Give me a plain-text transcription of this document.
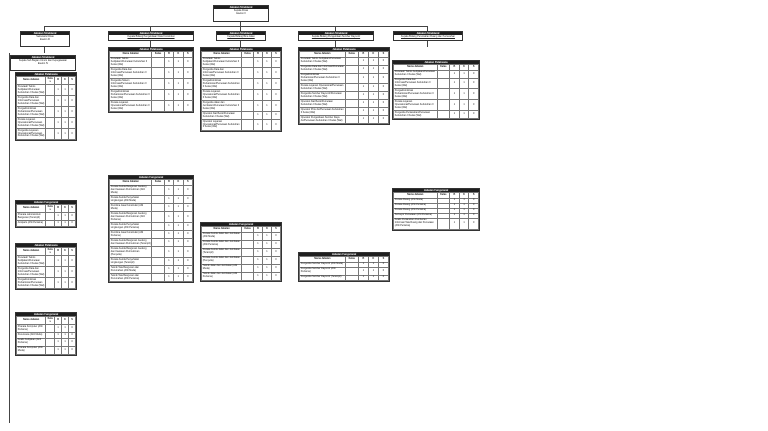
Jabatan Struktural
Kepala Dinas
Eselon II
Jabatan Struktural
Sekretaris Dinas
Eselon III
Jabatan Struktural
Kepala Sub Bagian Umum dan Kepegawaian
Eselon IV
Jabatan Struktural
Kepala Bidang Pengelolaan Data Konstruksi
Jabatan Struktural
Kepala Bidang Bina Jalan
Jabatan Struktural
Kepala Bidang Pengelolaan Sumber Daya Air
Jabatan Struktural
Kepala Bidang Perumahan Ruang dan Pertanahan
Jabatan Pelaksana
Nama Jabatan	Kelas	B	K	S
Penelaah Teknis Kebijakan/Pemetaan Kebutuhan II Kelas (Wal)		1	1	0
Pengelola Data dan Informasi/Pemetaan Kebutuhan II Kelas (Wal)		1	1	0
Pengadministrasi Perkantoran/Pemetaan Kebutuhan II Kelas (Wal)		1	1	0
Penata Layanan Operasional/Pemetaan Kebutuhan II Kelas (Wal)		1	1	0
Pengelola Layanan Operasional/Pemetaan Kebutuhan II Kelas (Wal)		1	1	0
Jabatan Fungsional
Nama Jabatan	Kelas	B	K	S
Pranata Laboratorium Bangunan (Terampil)		1	1	0
Arsiparis (Ahli Pertama)		1	1	0
Jabatan Pelaksana
Nama Jabatan	Kelas	B	K	S
Penelaah Teknis Kebijakan/Pemetaan Kebutuhan II Kelas (Wal)		1	1	0
Pengelola Data dan Informasi/Pemetaan Kebutuhan II Kelas (Wal)		1	1	0
Pengadministrasi Perkantoran/Pemetaan Kebutuhan II Kelas (Wal)		1	1	0
Jabatan Fungsional
Nama Jabatan	Kelas	B	K	S
Pranata Komputer (Ahli Pertama)		1	1	0
Perencana (Ahli Muda)		1	1	0
Analis Kebijakan (Ahli Pertama)		1	1	0
Pranata Komputer (Ahli Muda)		1	1	0
Jabatan Pelaksana
Nama Jabatan	Kelas	B	K	S
Penelaah Teknis Kebijakan/Pemetaan Kebutuhan II Kelas (Wal)		1	1	0
Pengelola Data dan Informasi/Pemetaan Kebutuhan II Kelas (Wal)		1	1	0
Pengelola Sistem Informasi/Pemetaan Kebutuhan II Kelas (Wal)		1	1	0
Pengadministrasi Perkantoran/Pemetaan Kebutuhan II Kelas (Wal)		1	1	0
Penata Layanan Operasional/Pemetaan Kebutuhan II Kelas (Wal)		1	1	0
Jabatan Fungsional
Nama Jabatan	Kelas	B	K	S
Penata Kelola Bangunan Gedung dan Kawasan Permukiman (Ahli Muda)		1	1	0
Penata Kelola Penyehatan Lingkungan (Ahli Muda)		1	1	0
Pembina Jasa Konstruksi (Ahli Muda)		1	1	0
Penata Kelola Bangunan Gedung dan Kawasan Permukiman (Ahli Pertama)		1	1	0
Penata Kelola Penyehatan Lingkungan (Ahli Pertama)		1	1	0
Pembina Jasa Konstruksi (Ahli Pertama)		1	1	0
Penata Kelola Bangunan Gedung dan Kawasan Permukiman (Terampil)		1	1	0
Penata Kelola Bangunan Gedung dan Kawasan Permukiman (Penyelia)		1	1	0
Penata Kelola Penyehatan Lingkungan (Terampil)		1	1	0
Teknik Tata Bangunan dan Perumahan (Ahli Muda)		1	1	0
Teknik Tata Bangunan dan Perumahan (Ahli Pertama)		1	1	0
Jabatan Pelaksana
Nama Jabatan	Kelas	B	K	S
Penelaah Teknis Kebijakan/Pemetaan Kebutuhan II Kelas (Wal)		1	1	0
Pengelola Data dan Informasi/Pemetaan Kebutuhan II Kelas (Wal)		1	1	0
Pengadministrasi Perkantoran/Pemetaan Kebutuhan II Kelas (Wal)		1	1	0
Penata Layanan Operasional/Pemetaan Kebutuhan II Kelas (Wal)		1	1	0
Pengelola Jalan dan Jembatan/Pemetaan Kebutuhan II Kelas (Wal)		1	1	0
Operator Alat Berat/Pemetaan Kebutuhan II Kelas (Wal)		1	1	0
Operator Layanan Operasional/Pemetaan Kebutuhan II Kelas (Wal)		1	1	0
Jabatan Fungsional
Nama Jabatan	Kelas	B	K	S
Penata Kelola Jalan dan Jembatan (Ahli Muda)		1	1	0
Penata Kelola Jalan dan Jembatan (Ahli Pertama)		1	1	0
Penata Kelola Jalan dan Jembatan (Terampil)		1	1	0
Penata Kelola Jalan dan Jembatan (Penyelia)		1	1	0
Teknik Jalan dan Jembatan (Ahli Muda)		1	1	0
Teknik Jalan dan Jembatan (Ahli Pertama)		1	1	0
Jabatan Pelaksana
Nama Jabatan	Kelas	B	K	S
Penelaah Teknis Kebijakan/Pemetaan Kebutuhan II Kelas (Wal)		1	1	0
Pengelola Data dan Informasi/Pemetaan Kebutuhan II Kelas (Wal)		1	1	0
Pengadministrasi Perkantoran/Pemetaan Kebutuhan II Kelas (Wal)		1	1	0
Penata Layanan Operasional/Pemetaan Kebutuhan II Kelas (Wal)		1	1	0
Pengelola Sumber Daya Air/Pemetaan Kebutuhan II Kelas (Wal)		1	1	0
Operator Alat Berat/Pemetaan Kebutuhan II Kelas (Wal)		1	1	0
Operator Pintu Air/Pemetaan Kebutuhan II Kelas (Wal)		1	1	0
Operator Pengelolaan Sumber Daya Air/Pemetaan Kebutuhan II Kelas (Wal)		1	1	0
Jabatan Fungsional
Nama Jabatan	Kelas	B	K	S
Pengelola Sumber Daya Air (Ahli Muda)		1	1	0
Pengelola Sumber Daya Air (Ahli Pertama)		1	1	0
Pengelola Sumber Daya Air (Terampil)		1	1	0
Jabatan Pelaksana
Nama Jabatan	Kelas	B	K	S
Penelaah Teknis Kebijakan/Pemetaan Kebutuhan II Kelas (Wal)		1	1	0
Pengelola Data dan Informasi/Pemetaan Kebutuhan II Kelas (Wal)		1	1	0
Pengadministrasi Perkantoran/Pemetaan Kebutuhan II Kelas (Wal)		1	1	0
Penata Layanan Operasional/Pemetaan Kebutuhan II Kelas (Wal)		1	1	0
Pengelola Pertanahan/Pemetaan Kebutuhan II Kelas (Wal)		1	1	0
Jabatan Fungsional
Nama Jabatan	Kelas	B	K	S
Penata Ruang (Ahli Muda)		1	1	0
Penata Ruang (Ahli Pertama)		1	1	0
Penata Ruang (Ahli Pertama)		1	1	0
Surveyor Pemetaan (Ahli Pertama)		1	1	0
Analis Pertanahan Pemberian Informasi Tata Ruang dan Pemetaan (Ahli Pertama)		1	1	0
